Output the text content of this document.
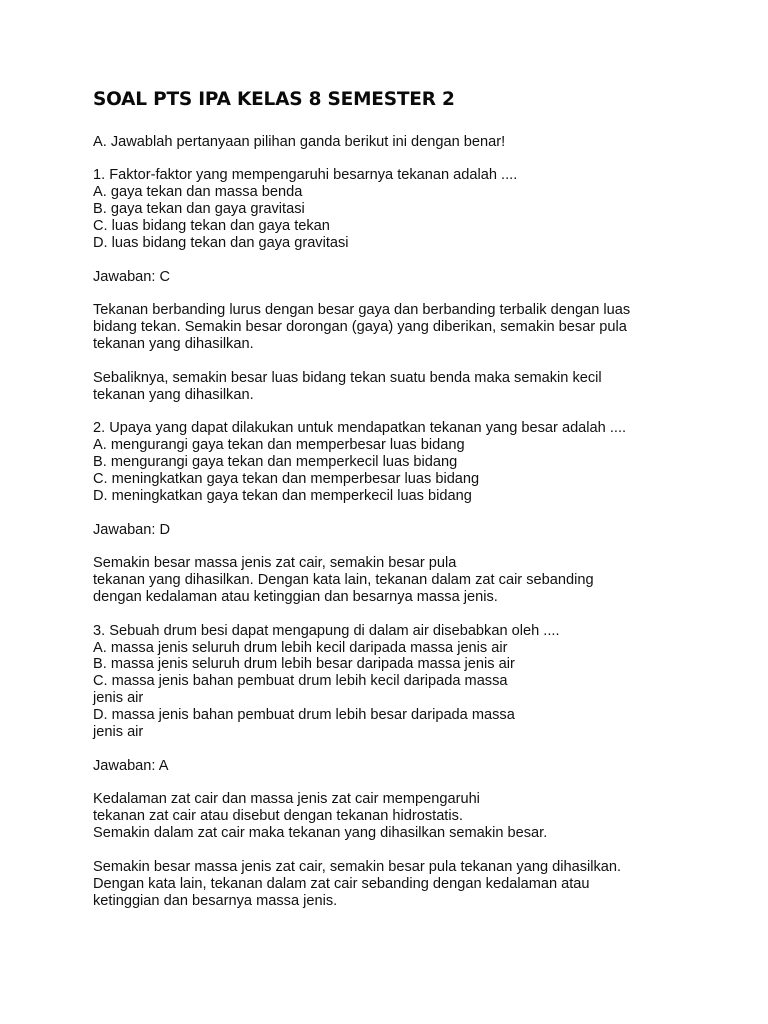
SOAL PTS IPA KELAS 8 SEMESTER 2
A. Jawablah pertanyaan pilihan ganda berikut ini dengan benar!
1. Faktor-faktor yang mempengaruhi besarnya tekanan adalah ....
A. gaya tekan dan massa benda
B. gaya tekan dan gaya gravitasi
C. luas bidang tekan dan gaya tekan
D. luas bidang tekan dan gaya gravitasi
Jawaban: C
Tekanan berbanding lurus dengan besar gaya dan berbanding terbalik dengan luas
bidang tekan. Semakin besar dorongan (gaya) yang diberikan, semakin besar pula
tekanan yang dihasilkan.
Sebaliknya, semakin besar luas bidang tekan suatu benda maka semakin kecil
tekanan yang dihasilkan.
2. Upaya yang dapat dilakukan untuk mendapatkan tekanan yang besar adalah ....
A. mengurangi gaya tekan dan memperbesar luas bidang
B. mengurangi gaya tekan dan memperkecil luas bidang
C. meningkatkan gaya tekan dan memperbesar luas bidang
D. meningkatkan gaya tekan dan memperkecil luas bidang
Jawaban: D
Semakin besar massa jenis zat cair, semakin besar pula
tekanan yang dihasilkan. Dengan kata lain, tekanan dalam zat cair sebanding
dengan kedalaman atau ketinggian dan besarnya massa jenis.
3. Sebuah drum besi dapat mengapung di dalam air disebabkan oleh ....
A. massa jenis seluruh drum lebih kecil daripada massa jenis air
B. massa jenis seluruh drum lebih besar daripada massa jenis air
C. massa jenis bahan pembuat drum lebih kecil daripada massa
jenis air
D. massa jenis bahan pembuat drum lebih besar daripada massa
jenis air
Jawaban: A
Kedalaman zat cair dan massa jenis zat cair mempengaruhi
tekanan zat cair atau disebut dengan tekanan hidrostatis.
Semakin dalam zat cair maka tekanan yang dihasilkan semakin besar.
Semakin besar massa jenis zat cair, semakin besar pula tekanan yang dihasilkan.
Dengan kata lain, tekanan dalam zat cair sebanding dengan kedalaman atau
ketinggian dan besarnya massa jenis.
